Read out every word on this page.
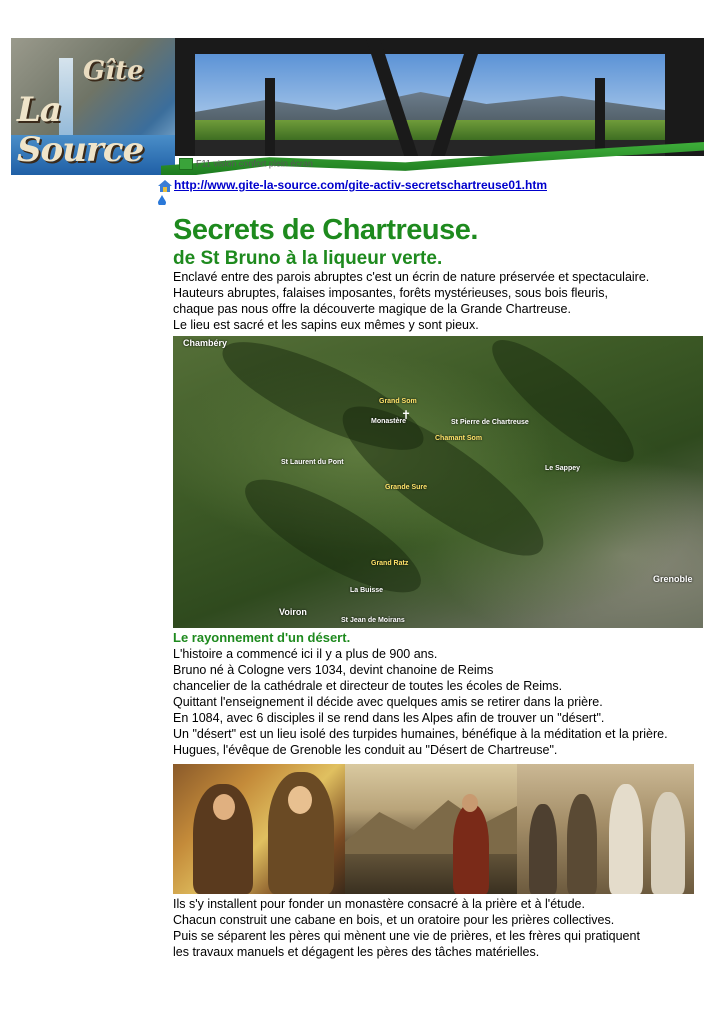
Gîte
La Source	F11 vision confort plein écran
http://www.gite-la-source.com/gite-activ-secretschartreuse01.htm
Secrets de Chartreuse.
de St Bruno à la liqueur verte.
Enclavé entre des parois abruptes c'est un écrin de nature préservée et spectaculaire.
Hauteurs abruptes, falaises imposantes, forêts mystérieuses, sous bois fleuris,
chaque pas nous offre la découverte magique de la Grande Chartreuse.
Le lieu est sacré et les sapins eux mêmes y sont pieux.
Chambéry
Grand Som
✝
Monastère	St Pierre de Chartreuse
Chamant Som
St Laurent du Pont
Le Sappey
Grande Sure
Grand Ratz
Grenoble
La Buisse
Voiron
St Jean de Moirans
Le rayonnement d'un désert.
L'histoire a commencé ici il y a plus de 900 ans.
Bruno né à Cologne vers 1034, devint chanoine de Reims
chancelier de la cathédrale et directeur de toutes les écoles de Reims.
Quittant l'enseignement il décide avec quelques amis se retirer dans la prière.
En 1084, avec 6 disciples il se rend dans les Alpes afin de trouver un "désert".
Un "désert" est un lieu isolé des turpides humaines, bénéfique à la méditation et la prière.
Hugues, l'évêque de Grenoble les conduit au "Désert de Chartreuse".
Ils s'y installent pour fonder un monastère consacré à la prière et à l'étude.
Chacun construit une cabane en bois, et un oratoire pour les prières collectives.
Puis se séparent les pères qui mènent une vie de prières, et les frères qui pratiquent
les travaux manuels et dégagent les pères des tâches matérielles.
